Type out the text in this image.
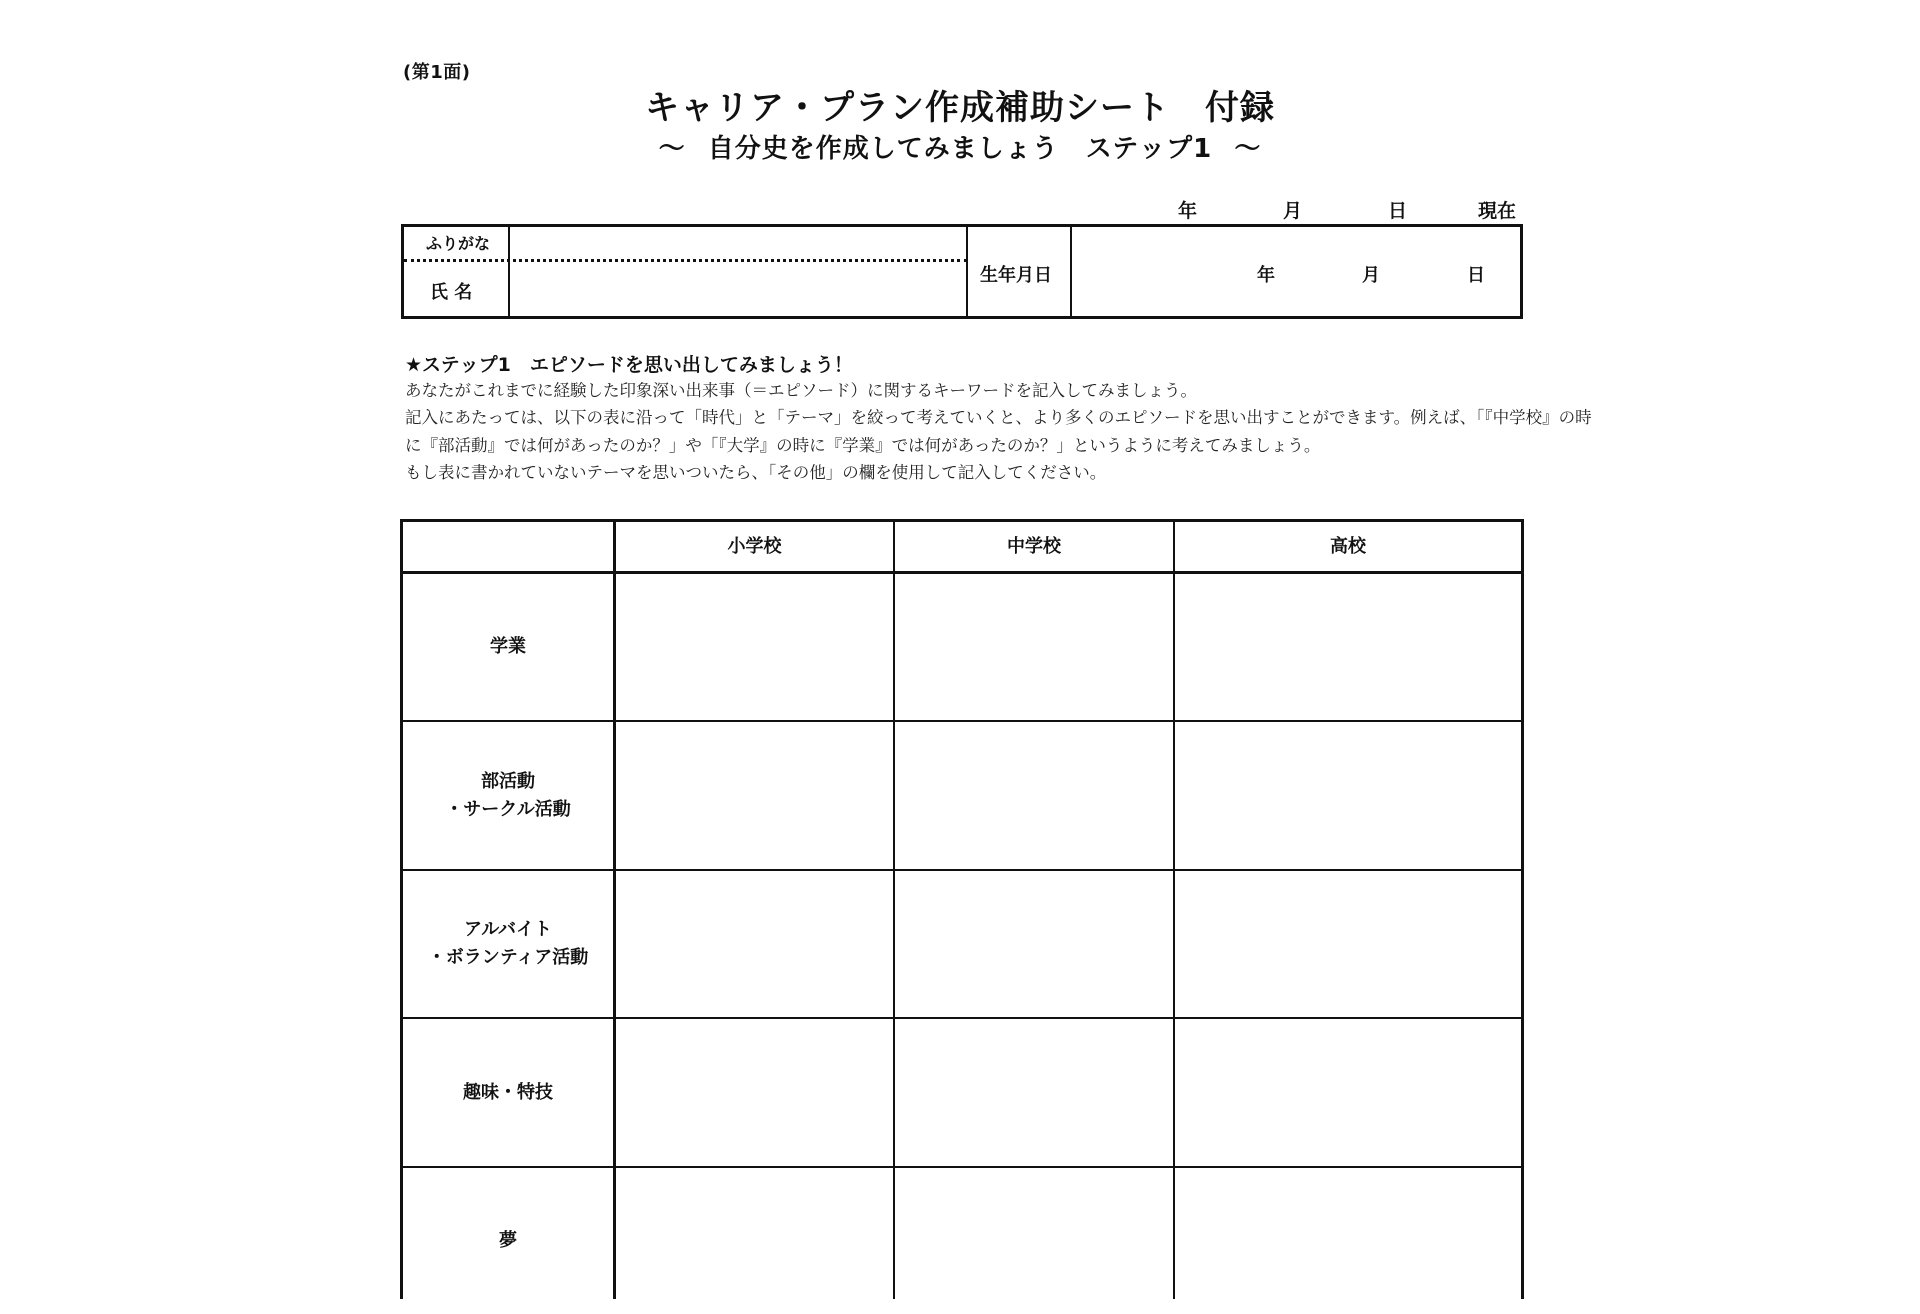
(第1面)
キャリア・プラン作成補助シート　付録
～ 自分史を作成してみましょう　ステップ1 ～
年	月	日	現在
ふりがな
氏 名
生年月日	年	月	日
★ステップ1　エピソードを思い出してみましょう！
あなたがこれまでに経験した印象深い出来事（＝エピソード）に関するキーワードを記入してみましょう。
記入にあたっては、以下の表に沿って「時代」と「テーマ」を絞って考えていくと、より多くのエピソードを思い出すことができます。例えば、「『中学校』の時
に『部活動』では何があったのか？」や「『大学』の時に『学業』では何があったのか？」というように考えてみましょう。
もし表に書かれていないテーマを思いついたら、「その他」の欄を使用して記入してください。
小学校	中学校	高校
学業
部活動
・サークル活動
アルバイト
・ボランティア活動
趣味・特技
夢
